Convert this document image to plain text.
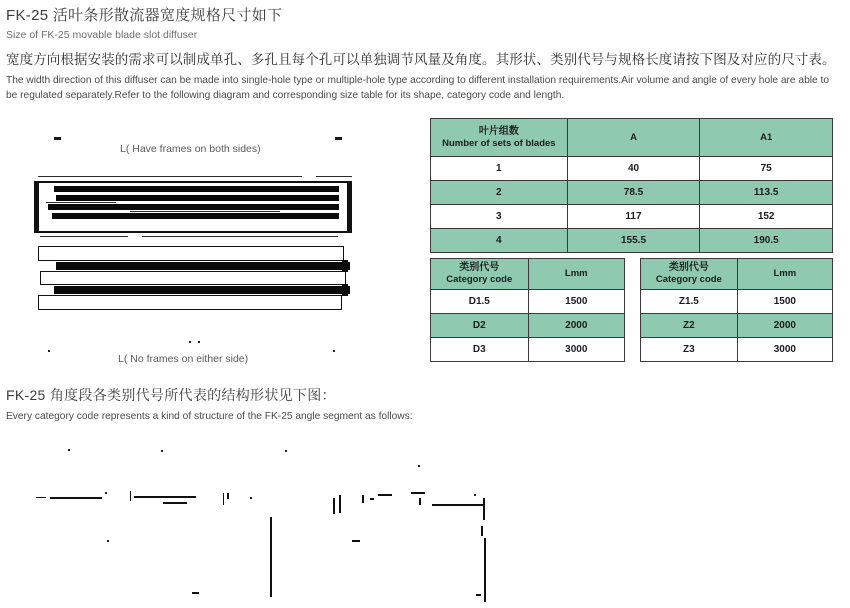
FK-25 活叶条形散流器宽度规格尺寸如下
Size of FK-25 movable blade slot diffuser
宽度方向根据安装的需求可以制成单孔、多孔且每个孔可以单独调节风量及角度。其形状、类别代号与规格长度请按下图及对应的尺寸表。
The width direction of this diffuser can be made into single-hole type or multiple-hole type according to different installation requirements.Air volume and angle of every hole are able to
be regulated separately.Refer to the following diagram and corresponding size table for its shape, category code and length.
L( Have frames on both sides)
L( No frames on either side)
叶片组数
Number of sets of blades	A	A1

1	40	75
2	78.5	113.5
3	117	152
4	155.5	190.5
类别代号
Category code	Lmm

D1.5	1500
D2	2000
D3	3000
类别代号
Category code	Lmm

Z1.5	1500
Z2	2000
Z3	3000
FK-25 角度段各类别代号所代表的结构形状见下图：
Every category code represents a kind of structure of the FK-25 angle segment as follows:
